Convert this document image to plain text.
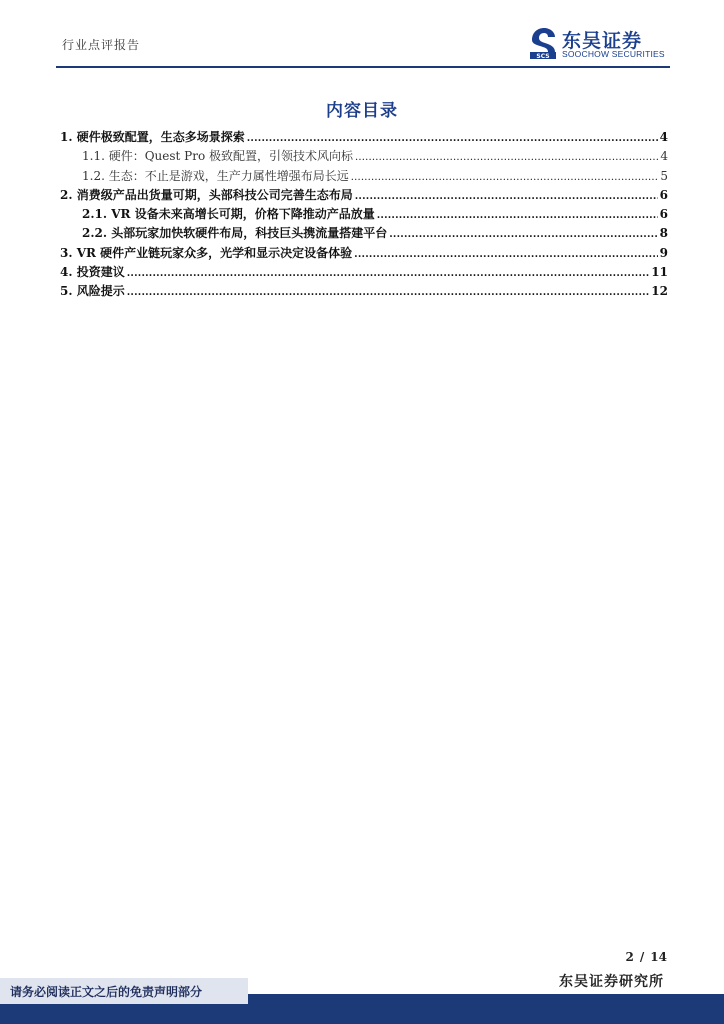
行业点评报告
SCS
东吴证券
SOOCHOW SECURITIES
内容目录
1. 硬件极致配置，生态多场景探索 .....	4
1.1. 硬件：Quest Pro 极致配置，引领技术风向标 .....	4
1.2. 生态：不止是游戏，生产力属性增强布局长远 .....	5
2. 消费级产品出货量可期，头部科技公司完善生态布局 .....	6
2.1. VR 设备未来高增长可期，价格下降推动产品放量 .....	6
2.2. 头部玩家加快软硬件布局，科技巨头携流量搭建平台 .....	8
3. VR 硬件产业链玩家众多，光学和显示决定设备体验 .....	9
4. 投资建议 .....	11
5. 风险提示 .....	12
2 / 14
东吴证券研究所
请务必阅读正文之后的免责声明部分
